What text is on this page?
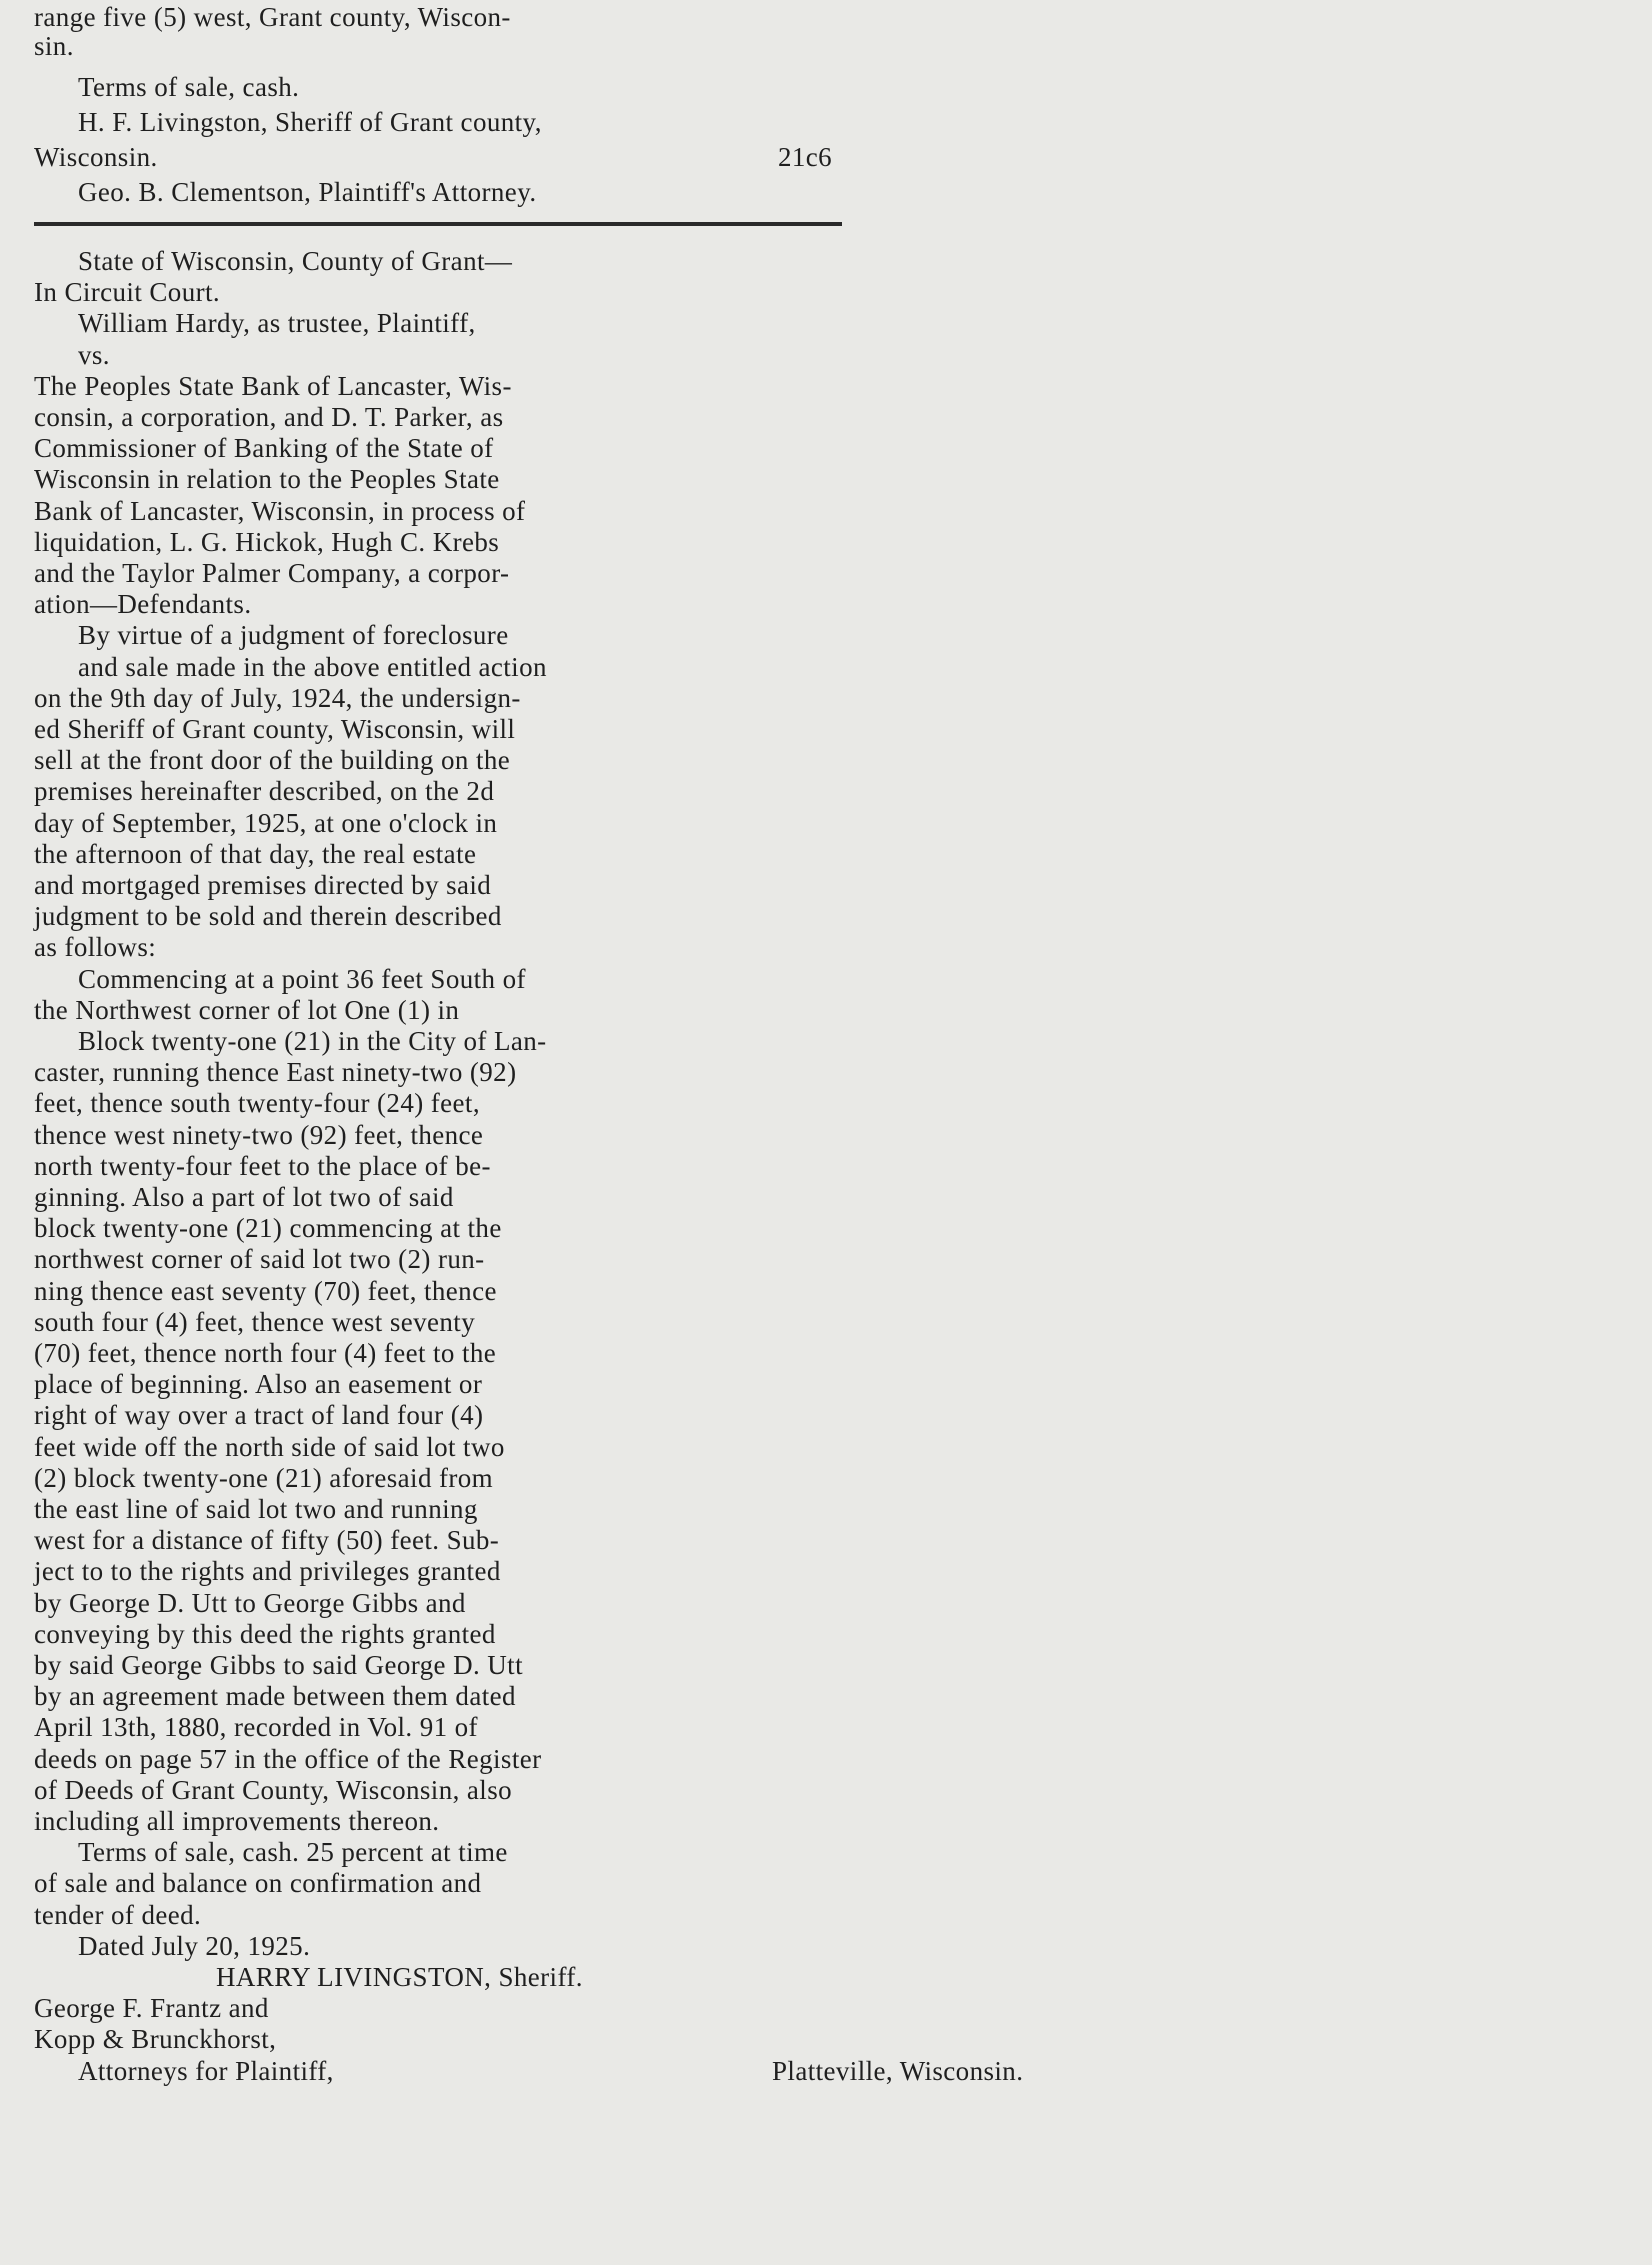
range five (5) west, Grant county, Wiscon-
sin.
Terms of sale, cash.
H. F. Livingston, Sheriff of Grant county,
Wisconsin.	21c6
Geo. B. Clementson, Plaintiff's Attorney.
State of Wisconsin, County of Grant—
In Circuit Court.
William Hardy, as trustee, Plaintiff,
vs.
The Peoples State Bank of Lancaster, Wis-
consin, a corporation, and D. T. Parker, as
Commissioner of Banking of the State of
Wisconsin in relation to the Peoples State
Bank of Lancaster, Wisconsin, in process of
liquidation, L. G. Hickok, Hugh C. Krebs
and the Taylor Palmer Company, a corpor-
ation—Defendants.
By virtue of a judgment of foreclosure
and sale made in the above entitled action
on the 9th day of July, 1924, the undersign-
ed Sheriff of Grant county, Wisconsin, will
sell at the front door of the building on the
premises hereinafter described, on the 2d
day of September, 1925, at one o'clock in
the afternoon of that day, the real estate
and mortgaged premises directed by said
judgment to be sold and therein described
as follows:
Commencing at a point 36 feet South of
the Northwest corner of lot One (1) in
Block twenty-one (21) in the City of Lan-
caster, running thence East ninety-two (92)
feet, thence south twenty-four (24) feet,
thence west ninety-two (92) feet, thence
north twenty-four feet to the place of be-
ginning. Also a part of lot two of said
block twenty-one (21) commencing at the
northwest corner of said lot two (2) run-
ning thence east seventy (70) feet, thence
south four (4) feet, thence west seventy
(70) feet, thence north four (4) feet to the
place of beginning. Also an easement or
right of way over a tract of land four (4)
feet wide off the north side of said lot two
(2) block twenty-one (21) aforesaid from
the east line of said lot two and running
west for a distance of fifty (50) feet. Sub-
ject to to the rights and privileges granted
by George D. Utt to George Gibbs and
conveying by this deed the rights granted
by said George Gibbs to said George D. Utt
by an agreement made between them dated
April 13th, 1880, recorded in Vol. 91 of
deeds on page 57 in the office of the Register
of Deeds of Grant County, Wisconsin, also
including all improvements thereon.
Terms of sale, cash. 25 percent at time
of sale and balance on confirmation and
tender of deed.
Dated July 20, 1925.
HARRY LIVINGSTON, Sheriff.
George F. Frantz and
Kopp & Brunckhorst,
Attorneys for Plaintiff,	Platteville, Wisconsin.
